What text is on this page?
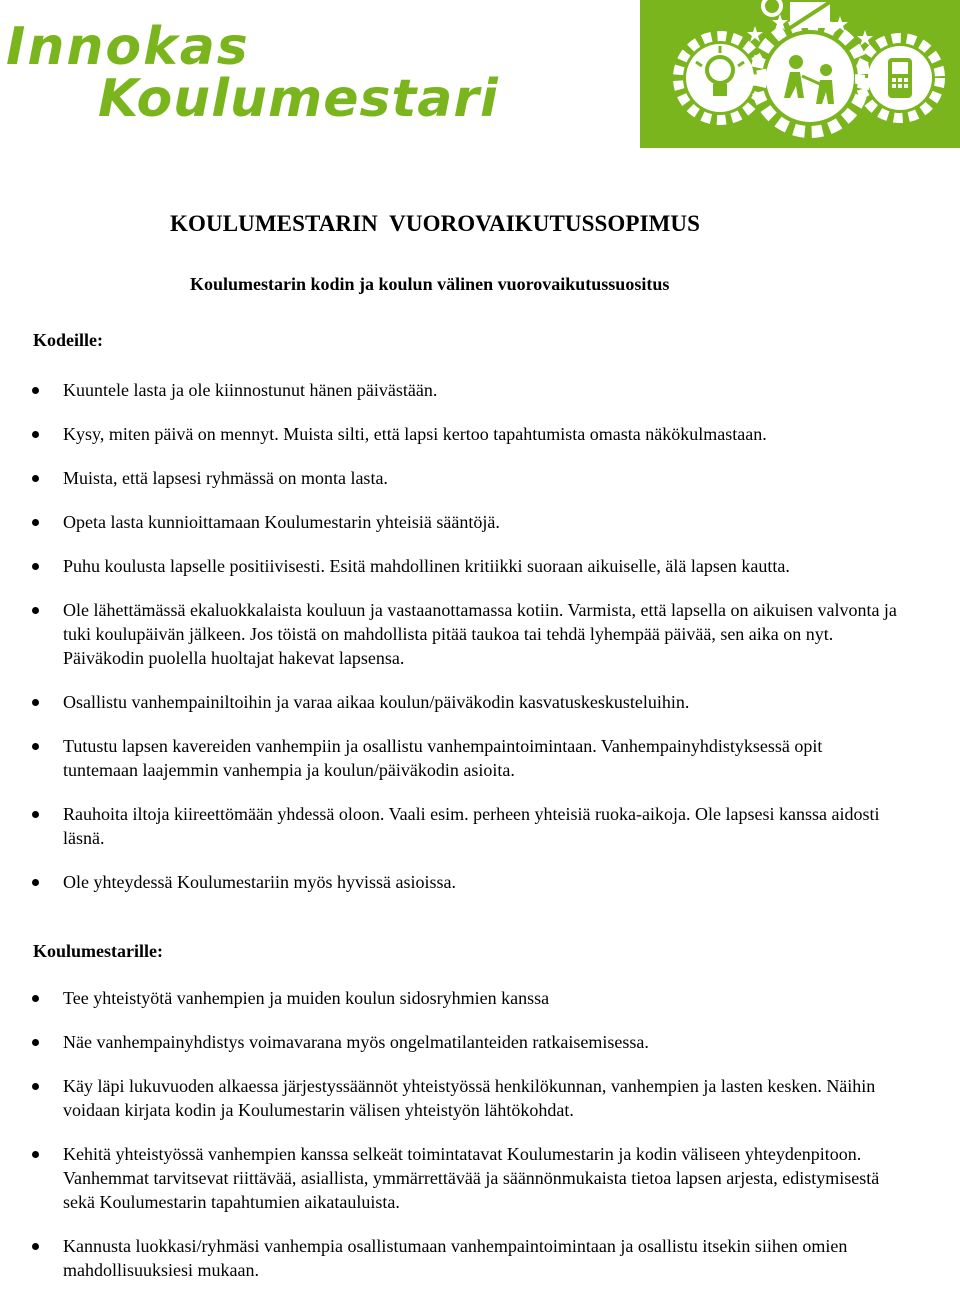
Innokas
Koulumestari
KOULUMESTARIN  VUOROVAIKUTUSSOPIMUS
Koulumestarin kodin ja koulun välinen vuorovaikutussuositus
Kodeille:
Kuuntele lasta ja ole kiinnostunut hänen päivästään.
Kysy, miten päivä on mennyt. Muista silti, että lapsi kertoo tapahtumista omasta näkökulmastaan.
Muista, että lapsesi ryhmässä on monta lasta.
Opeta lasta kunnioittamaan Koulumestarin yhteisiä sääntöjä.
Puhu koulusta lapselle positiivisesti. Esitä mahdollinen kritiikki suoraan aikuiselle, älä lapsen kautta.
Ole lähettämässä ekaluokkalaista kouluun ja vastaanottamassa kotiin. Varmista, että lapsella on aikuisen valvonta ja tuki koulupäivän jälkeen. Jos töistä on mahdollista pitää taukoa tai tehdä lyhempää päivää, sen aika on nyt. Päiväkodin puolella huoltajat hakevat lapsensa.
Osallistu vanhempainiltoihin ja varaa aikaa koulun/päiväkodin kasvatuskeskusteluihin.
Tutustu lapsen kavereiden vanhempiin ja osallistu vanhempaintoimintaan. Vanhempainyhdistyksessä opit tuntemaan laajemmin vanhempia ja koulun/päiväkodin asioita.
Rauhoita iltoja kiireettömään yhdessä oloon. Vaali esim. perheen yhteisiä ruoka-aikoja. Ole lapsesi kanssa aidosti läsnä.
Ole yhteydessä Koulumestariin myös hyvissä asioissa.
Koulumestarille:
Tee yhteistyötä vanhempien ja muiden koulun sidosryhmien kanssa
Näe vanhempainyhdistys voimavarana myös ongelmatilanteiden ratkaisemisessa.
Käy läpi lukuvuoden alkaessa järjestyssäännöt yhteistyössä henkilökunnan, vanhempien ja lasten kesken. Näihin voidaan kirjata kodin ja Koulumestarin välisen yhteistyön lähtökohdat.
Kehitä yhteistyössä vanhempien kanssa selkeät toimintatavat Koulumestarin ja kodin väliseen yhteydenpitoon. Vanhemmat tarvitsevat riittävää, asiallista, ymmärrettävää ja säännönmukaista tietoa lapsen arjesta, edistymisestä sekä Koulumestarin tapahtumien aikatauluista.
Kannusta luokkasi/ryhmäsi vanhempia osallistumaan vanhempaintoimintaan ja osallistu itsekin siihen omien mahdollisuuksiesi mukaan.
